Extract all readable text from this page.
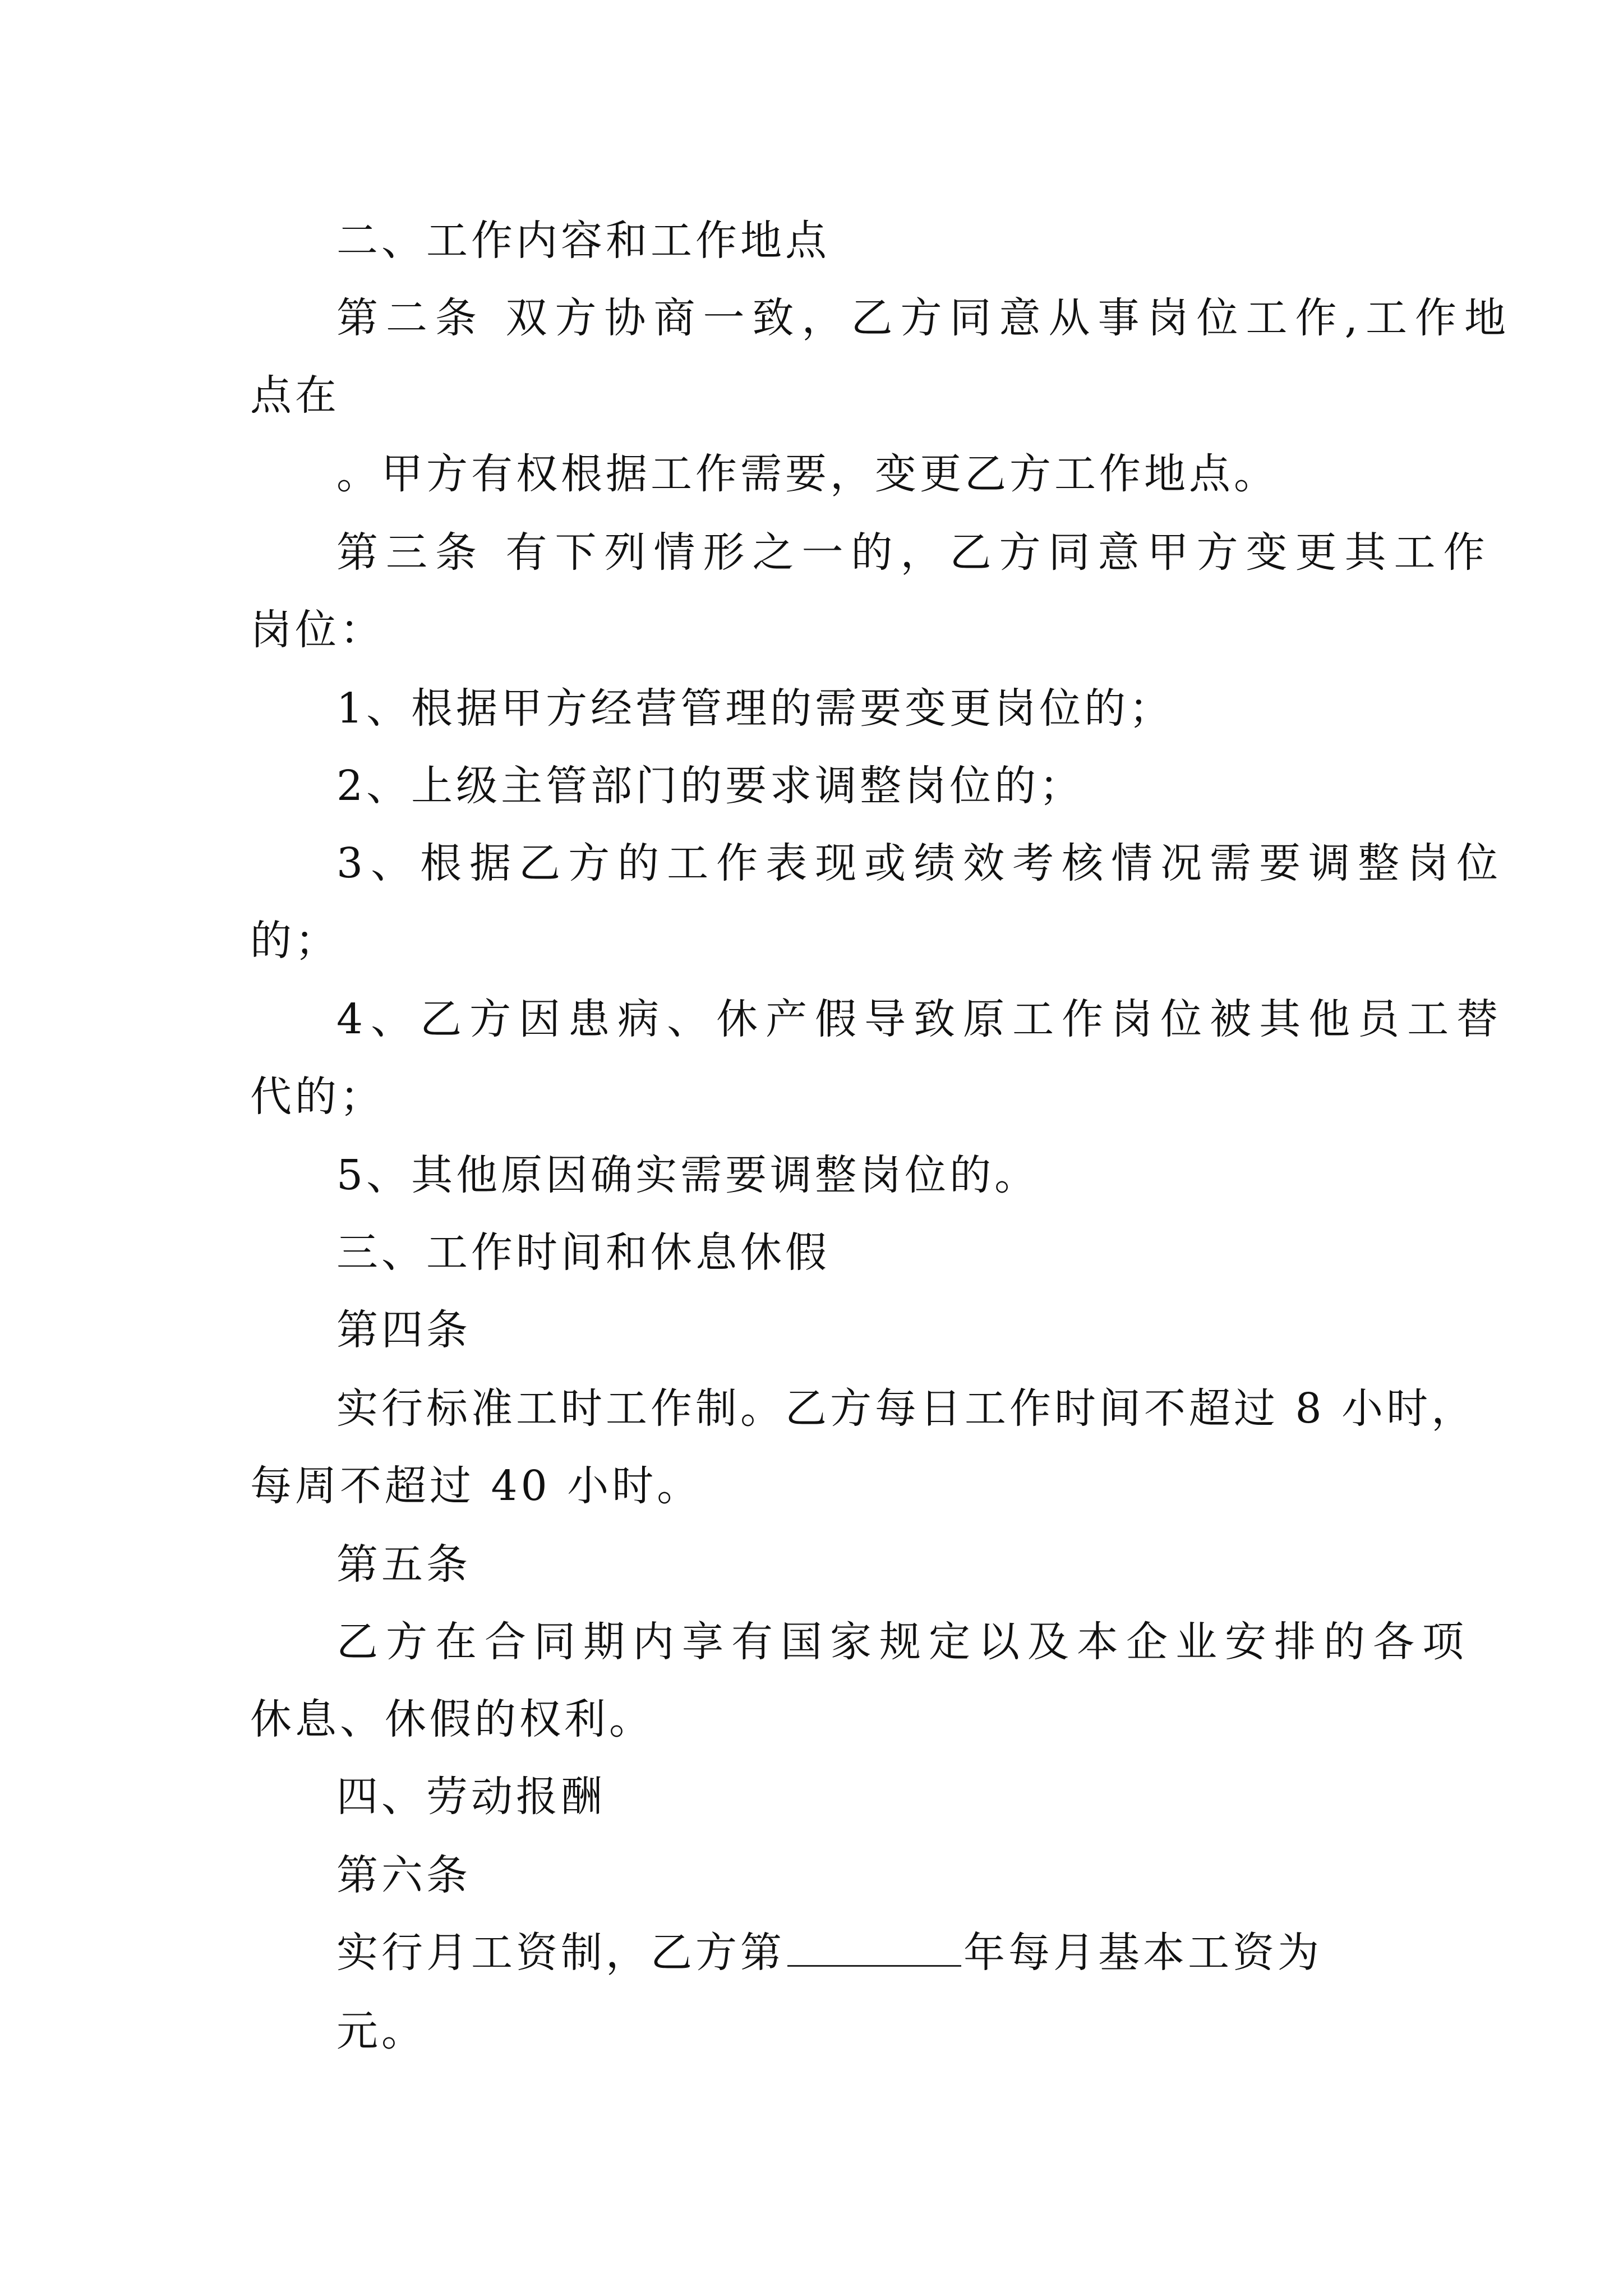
二、工作内容和工作地点
第二条 双方协商一致，乙方同意从事岗位工作,工作地
点在
。甲方有权根据工作需要，变更乙方工作地点。
第三条 有下列情形之一的，乙方同意甲方变更其工作
岗位：
1、根据甲方经营管理的需要变更岗位的；
2、上级主管部门的要求调整岗位的；
3、根据乙方的工作表现或绩效考核情况需要调整岗位
的；
4、乙方因患病、休产假导致原工作岗位被其他员工替
代的；
5、其他原因确实需要调整岗位的。
三、工作时间和休息休假
第四条
实行标准工时工作制。乙方每日工作时间不超过 8 小时，
每周不超过 40 小时。
第五条
乙方在合同期内享有国家规定以及本企业安排的各项
休息、休假的权利。
四、劳动报酬
第六条
实行月工资制，乙方第	年每月基本工资为
元。
